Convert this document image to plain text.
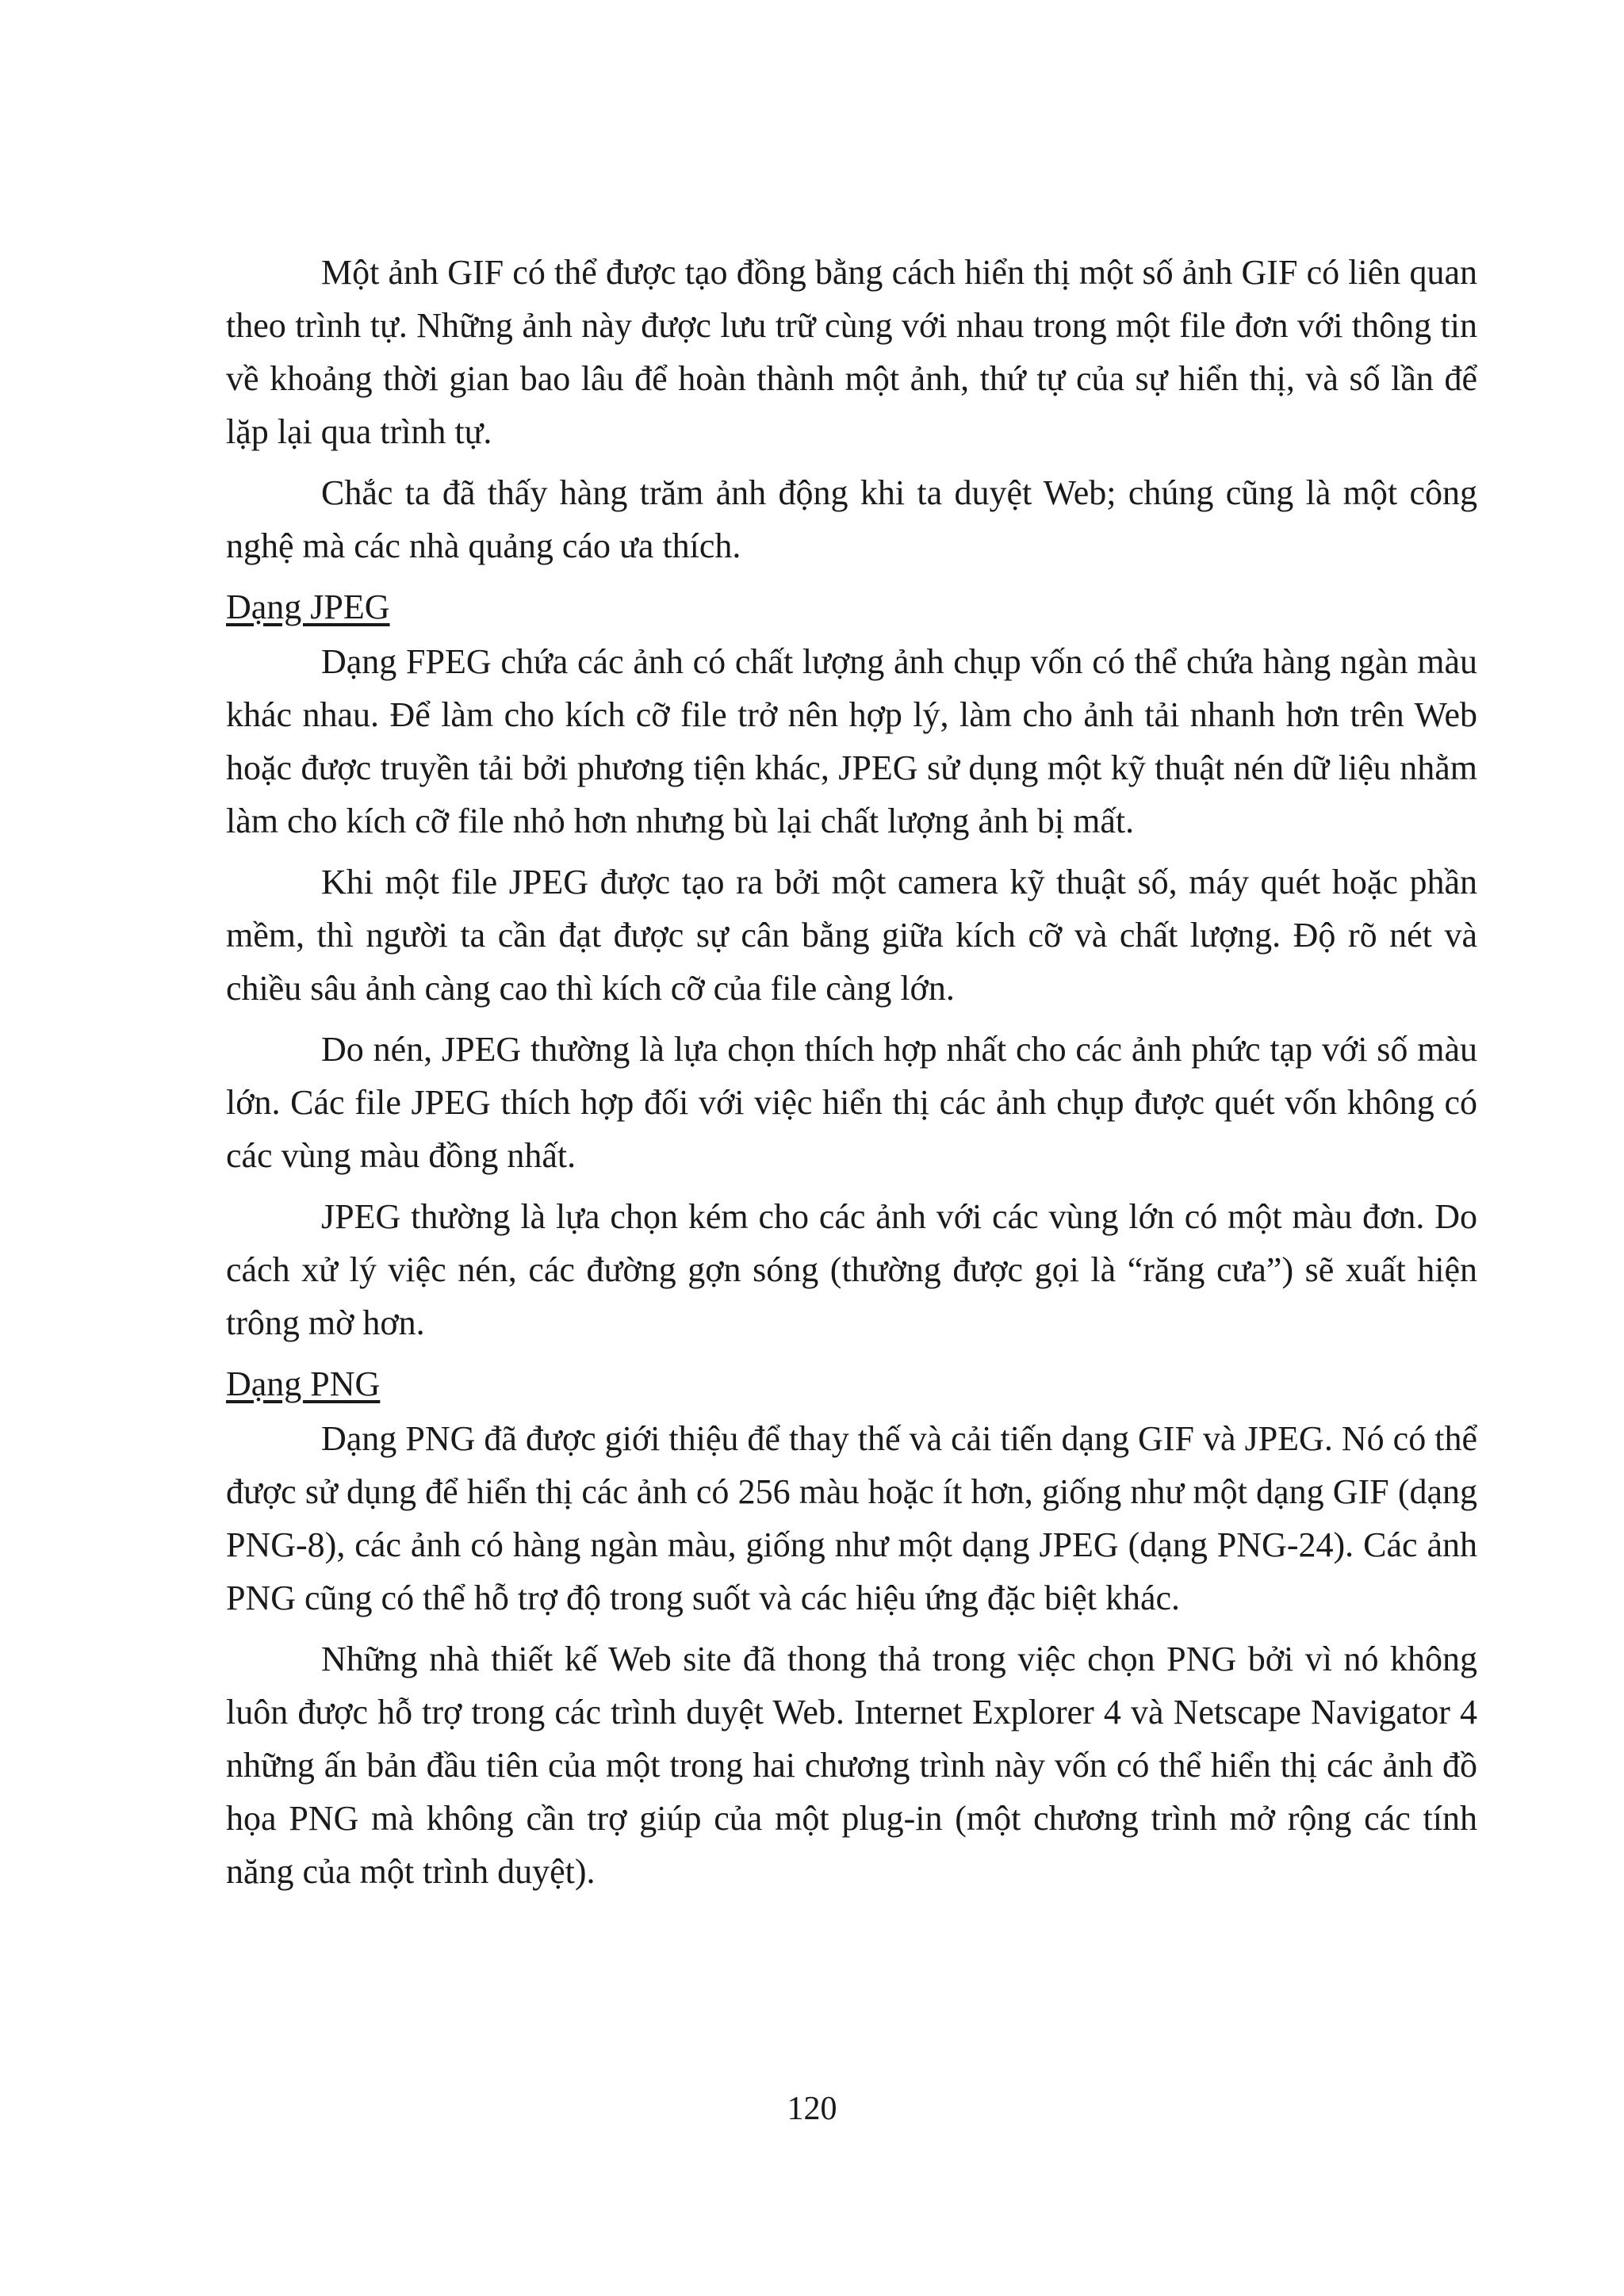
Một ảnh GIF có thể được tạo đồng bằng cách hiển thị một số ảnh GIF có liên quan theo trình tự. Những ảnh này được lưu trữ cùng với nhau trong một file đơn với thông tin về khoảng thời gian bao lâu để hoàn thành một ảnh, thứ tự của sự hiển thị, và số lần để lặp lại qua trình tự.

Chắc ta đã thấy hàng trăm ảnh động khi ta duyệt Web; chúng cũng là một công nghệ mà các nhà quảng cáo ưa thích.

Dạng JPEG

Dạng FPEG chứa các ảnh có chất lượng ảnh chụp vốn có thể chứa hàng ngàn màu khác nhau. Để làm cho kích cỡ file trở nên hợp lý, làm cho ảnh tải nhanh hơn trên Web hoặc được truyền tải bởi phương tiện khác, JPEG sử dụng một kỹ thuật nén dữ liệu nhằm làm cho kích cỡ file nhỏ hơn nhưng bù lại chất lượng ảnh bị mất.

Khi một file JPEG được tạo ra bởi một camera kỹ thuật số, máy quét hoặc phần mềm, thì người ta cần đạt được sự cân bằng giữa kích cỡ và chất lượng. Độ rõ nét và chiều sâu ảnh càng cao thì kích cỡ của file càng lớn.

Do nén, JPEG thường là lựa chọn thích hợp nhất cho các ảnh phức tạp với số màu lớn. Các file JPEG thích hợp đối với việc hiển thị các ảnh chụp được quét vốn không có các vùng màu đồng nhất.

JPEG thường là lựa chọn kém cho các ảnh với các vùng lớn có một màu đơn. Do cách xử lý việc nén, các đường gợn sóng (thường được gọi là “răng cưa”) sẽ xuất hiện trông mờ hơn.

Dạng PNG

Dạng PNG đã được giới thiệu để thay thế và cải tiến dạng GIF và JPEG. Nó có thể được sử dụng để hiển thị các ảnh có 256 màu hoặc ít hơn, giống như một dạng GIF (dạng PNG-8), các ảnh có hàng ngàn màu, giống như một dạng JPEG (dạng PNG-24). Các ảnh PNG cũng có thể hỗ trợ độ trong suốt và các hiệu ứng đặc biệt khác.

Những nhà thiết kế Web site đã thong thả trong việc chọn PNG bởi vì nó không luôn được hỗ trợ trong các trình duyệt Web. Internet Explorer 4 và Netscape Navigator 4 những ấn bản đầu tiên của một trong hai chương trình này vốn có thể hiển thị các ảnh đồ họa PNG mà không cần trợ giúp của một plug-in (một chương trình mở rộng các tính năng của một trình duyệt).

120
